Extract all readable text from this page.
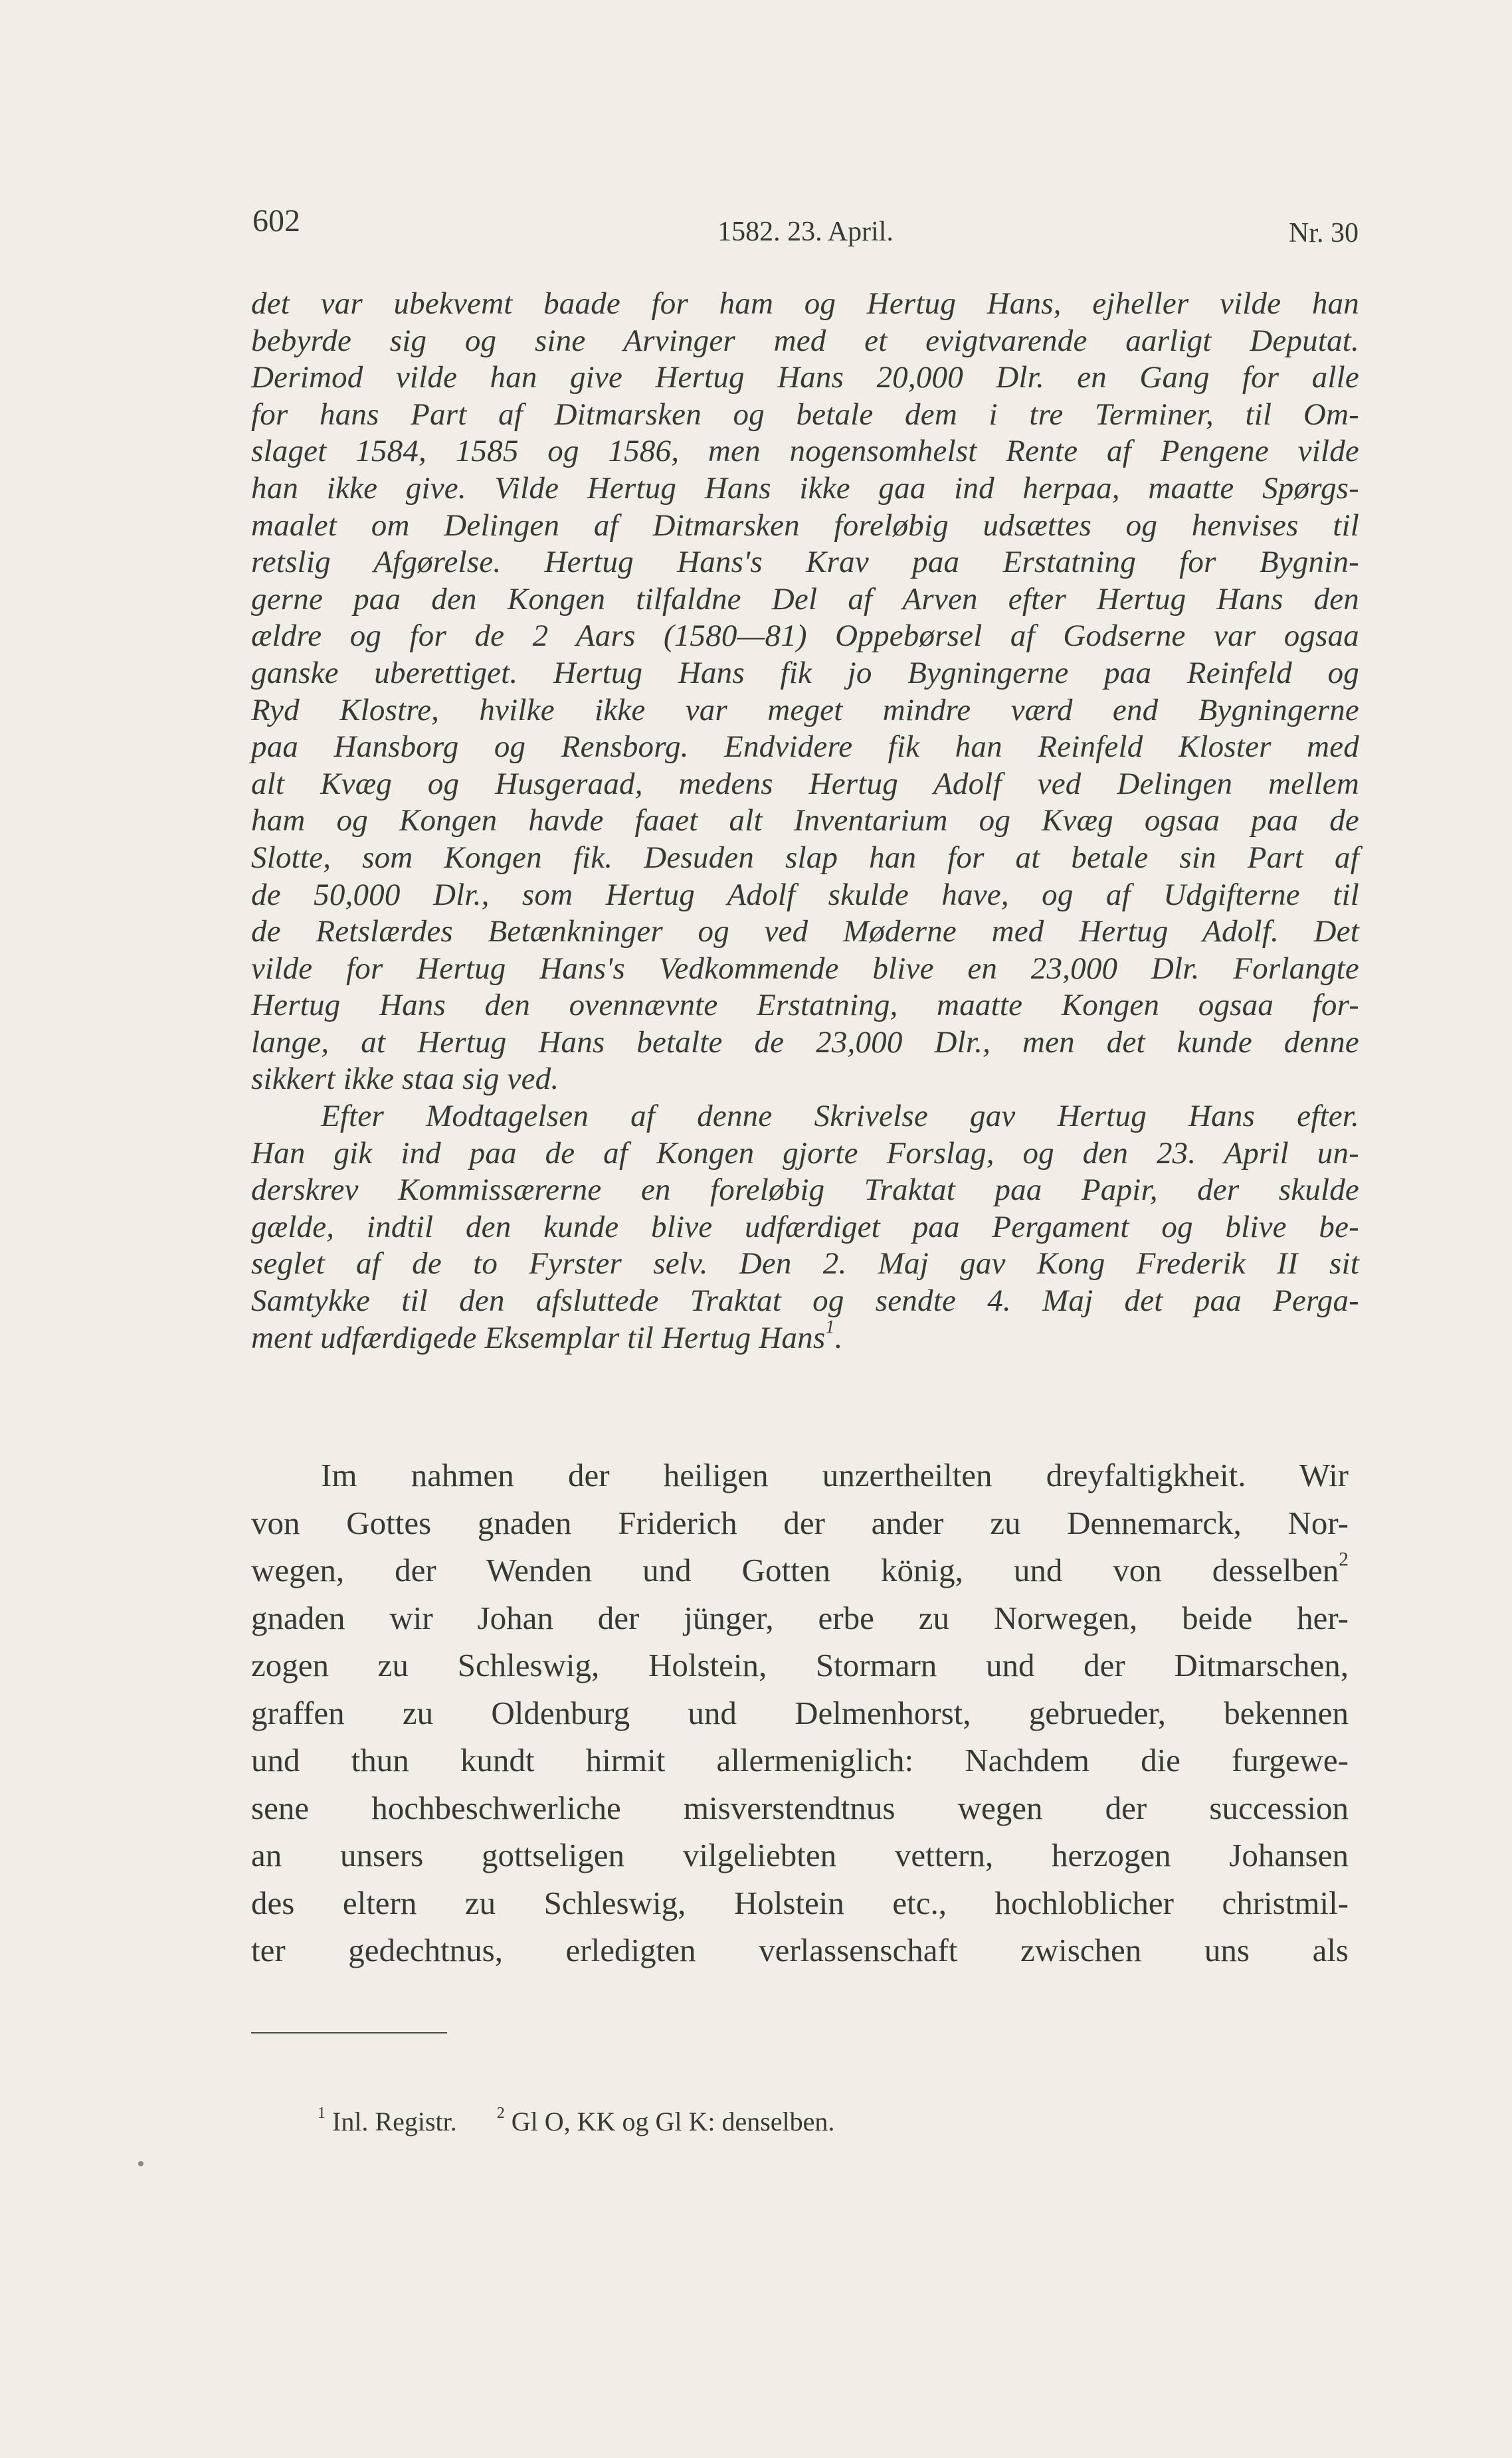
602	1582. 23. April.	Nr. 30
det var ubekvemt baade for ham og Hertug Hans, ejheller vilde han
bebyrde sig og sine Arvinger med et evigtvarende aarligt Deputat.
Derimod vilde han give Hertug Hans 20,000 Dlr. en Gang for alle
for hans Part af Ditmarsken og betale dem i tre Terminer, til Om-
slaget 1584, 1585 og 1586, men nogensomhelst Rente af Pengene vilde
han ikke give. Vilde Hertug Hans ikke gaa ind herpaa, maatte Spørgs-
maalet om Delingen af Ditmarsken foreløbig udsættes og henvises til
retslig Afgørelse. Hertug Hans's Krav paa Erstatning for Bygnin-
gerne paa den Kongen tilfaldne Del af Arven efter Hertug Hans den
ældre og for de 2 Aars (1580—81) Oppebørsel af Godserne var ogsaa
ganske uberettiget. Hertug Hans fik jo Bygningerne paa Reinfeld og
Ryd Klostre, hvilke ikke var meget mindre værd end Bygningerne
paa Hansborg og Rensborg. Endvidere fik han Reinfeld Kloster med
alt Kvæg og Husgeraad, medens Hertug Adolf ved Delingen mellem
ham og Kongen havde faaet alt Inventarium og Kvæg ogsaa paa de
Slotte, som Kongen fik. Desuden slap han for at betale sin Part af
de 50,000 Dlr., som Hertug Adolf skulde have, og af Udgifterne til
de Retslærdes Betænkninger og ved Møderne med Hertug Adolf. Det
vilde for Hertug Hans's Vedkommende blive en 23,000 Dlr. Forlangte
Hertug Hans den ovennævnte Erstatning, maatte Kongen ogsaa for-
lange, at Hertug Hans betalte de 23,000 Dlr., men det kunde denne
sikkert ikke staa sig ved.
Efter Modtagelsen af denne Skrivelse gav Hertug Hans efter.
Han gik ind paa de af Kongen gjorte Forslag, og den 23. April un-
derskrev Kommissærerne en foreløbig Traktat paa Papir, der skulde
gælde, indtil den kunde blive udfærdiget paa Pergament og blive be-
seglet af de to Fyrster selv. Den 2. Maj gav Kong Frederik II sit
Samtykke til den afsluttede Traktat og sendte 4. Maj det paa Perga-
ment udfærdigede Eksemplar til Hertug Hans$^1$.
Im nahmen der heiligen unzertheilten dreyfaltigkheit. Wir
von Gottes gnaden Friderich der ander zu Dennemarck, Nor-
wegen, der Wenden und Gotten könig, und von desselben$^2$
gnaden wir Johan der jünger, erbe zu Norwegen, beide her-
zogen zu Schleswig, Holstein, Stormarn und der Ditmarschen,
graffen zu Oldenburg und Delmenhorst, gebrueder, bekennen
und thun kundt hirmit allermeniglich: Nachdem die furgewe-
sene hochbeschwerliche misverstendtnus wegen der succession
an unsers gottseligen vilgeliebten vettern, herzogen Johansen
des eltern zu Schleswig, Holstein etc., hochloblicher christmil-
ter gedechtnus, erledigten verlassenschaft zwischen uns als
$^1$ Inl. Registr.	$^2$ Gl O, KK og Gl K: denselben.
